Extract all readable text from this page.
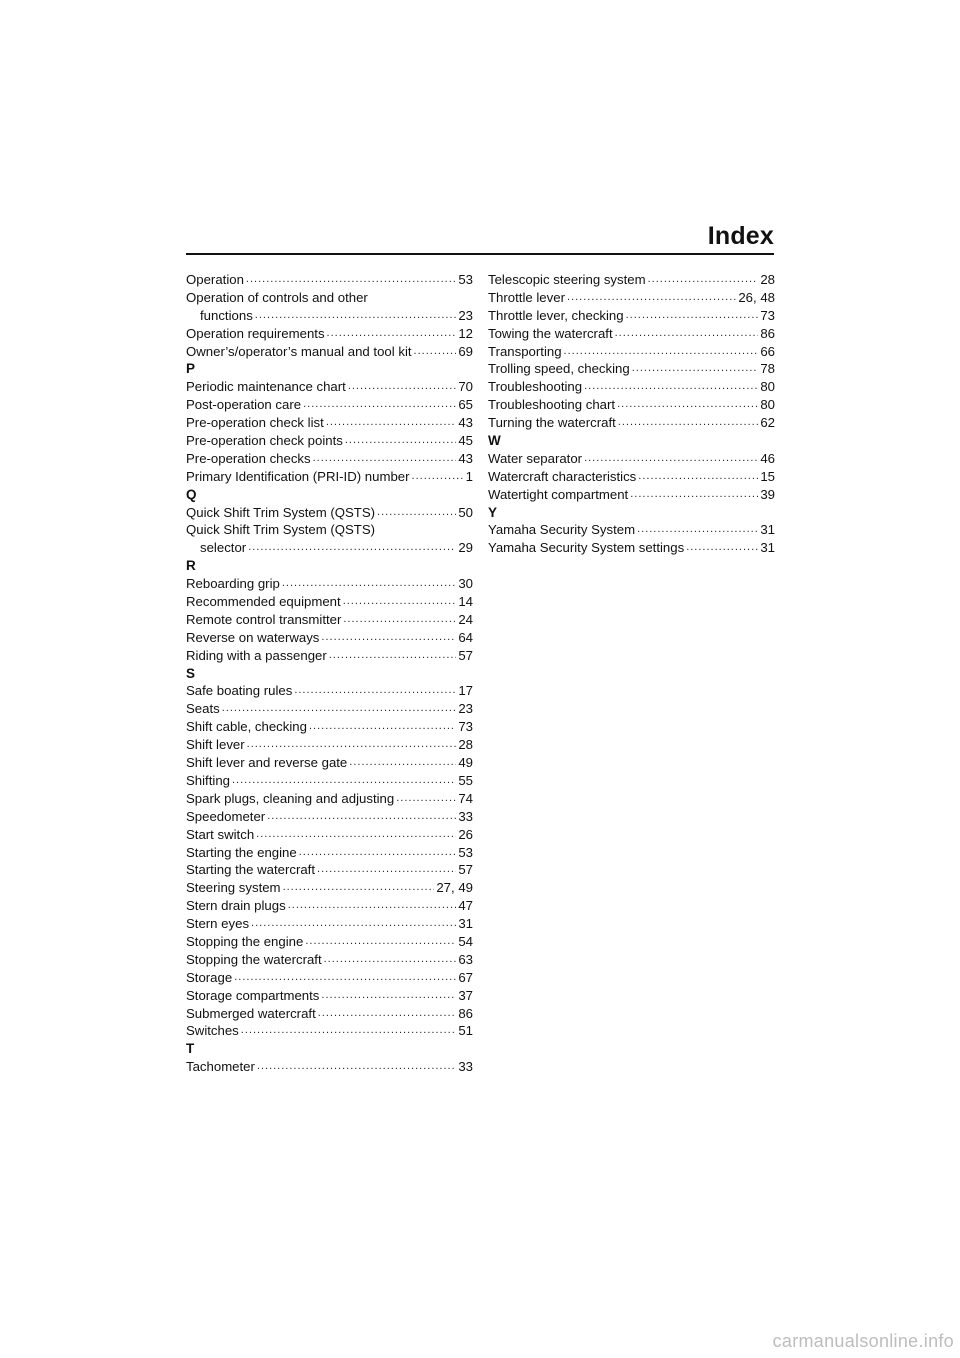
Index
Operation .....	53
Operation of controls and other
functions .....	23
Operation requirements .....	12
Owner’s/operator’s manual and tool kit .....	69
P
Periodic maintenance chart .....	70
Post-operation care .....	65
Pre-operation check list .....	43
Pre-operation check points .....	45
Pre-operation checks .....	43
Primary Identification (PRI-ID) number .....	1
Q
Quick Shift Trim System (QSTS) .....	50
Quick Shift Trim System (QSTS)
selector .....	29
R
Reboarding grip .....	30
Recommended equipment .....	14
Remote control transmitter .....	24
Reverse on waterways .....	64
Riding with a passenger .....	57
S
Safe boating rules .....	17
Seats .....	23
Shift cable, checking .....	73
Shift lever .....	28
Shift lever and reverse gate .....	49
Shifting .....	55
Spark plugs, cleaning and adjusting .....	74
Speedometer .....	33
Start switch .....	26
Starting the engine .....	53
Starting the watercraft .....	57
Steering system .....	27, 49
Stern drain plugs .....	47
Stern eyes .....	31
Stopping the engine .....	54
Stopping the watercraft .....	63
Storage .....	67
Storage compartments .....	37
Submerged watercraft .....	86
Switches .....	51
T
Tachometer .....	33
Telescopic steering system .....	28
Throttle lever .....	26, 48
Throttle lever, checking .....	73
Towing the watercraft .....	86
Transporting .....	66
Trolling speed, checking .....	78
Troubleshooting .....	80
Troubleshooting chart .....	80
Turning the watercraft .....	62
W
Water separator .....	46
Watercraft characteristics .....	15
Watertight compartment .....	39
Y
Yamaha Security System .....	31
Yamaha Security System settings .....	31
carmanualsonline.info
